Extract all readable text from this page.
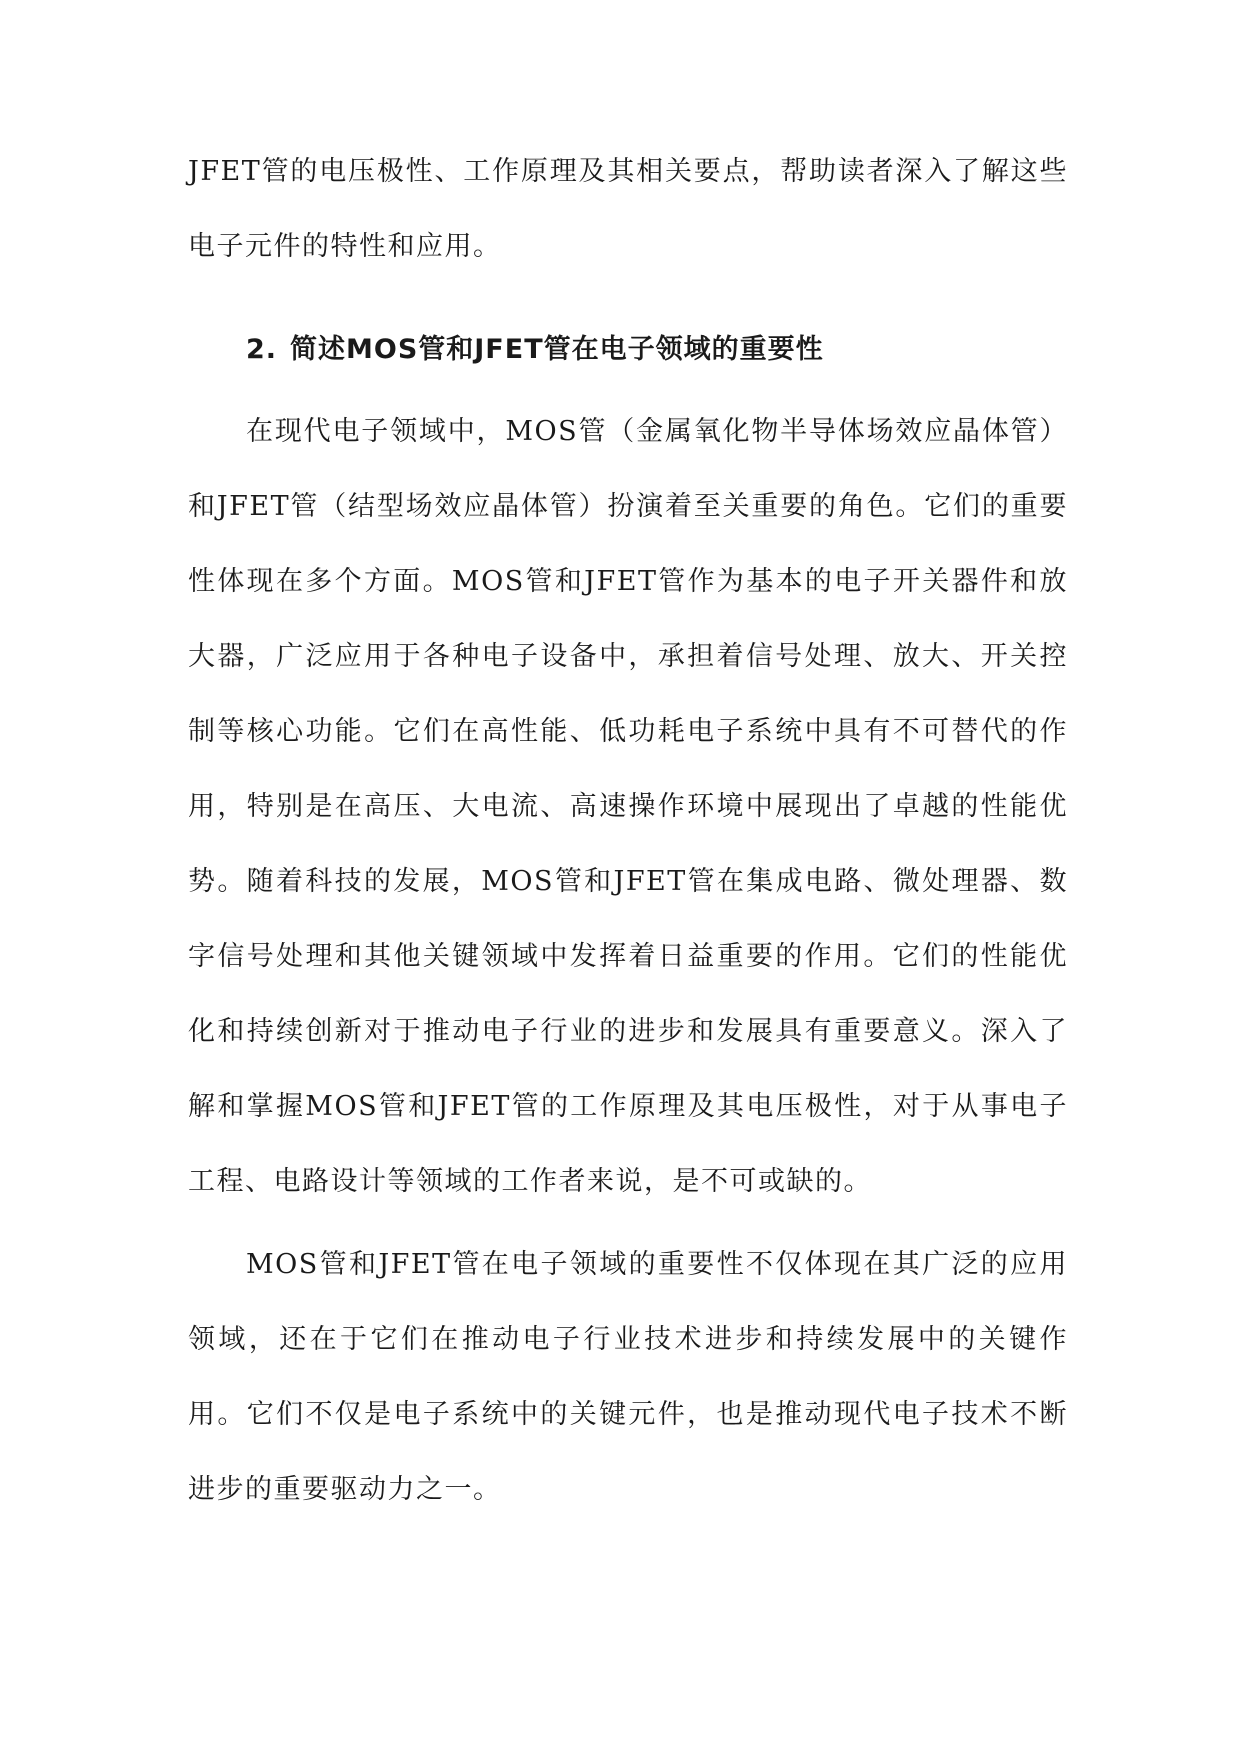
JFET管的电压极性、工作原理及其相关要点，帮助读者深入了解这些电子元件的特性和应用。

2. 简述MOS管和JFET管在电子领域的重要性

在现代电子领域中，MOS管（金属氧化物半导体场效应晶体管）和JFET管（结型场效应晶体管）扮演着至关重要的角色。它们的重要性体现在多个方面。MOS管和JFET管作为基本的电子开关器件和放大器，广泛应用于各种电子设备中，承担着信号处理、放大、开关控制等核心功能。它们在高性能、低功耗电子系统中具有不可替代的作用，特别是在高压、大电流、高速操作环境中展现出了卓越的性能优势。随着科技的发展，MOS管和JFET管在集成电路、微处理器、数字信号处理和其他关键领域中发挥着日益重要的作用。它们的性能优化和持续创新对于推动电子行业的进步和发展具有重要意义。深入了解和掌握MOS管和JFET管的工作原理及其电压极性，对于从事电子工程、电路设计等领域的工作者来说，是不可或缺的。

MOS管和JFET管在电子领域的重要性不仅体现在其广泛的应用领域，还在于它们在推动电子行业技术进步和持续发展中的关键作用。它们不仅是电子系统中的关键元件，也是推动现代电子技术不断进步的重要驱动力之一。
